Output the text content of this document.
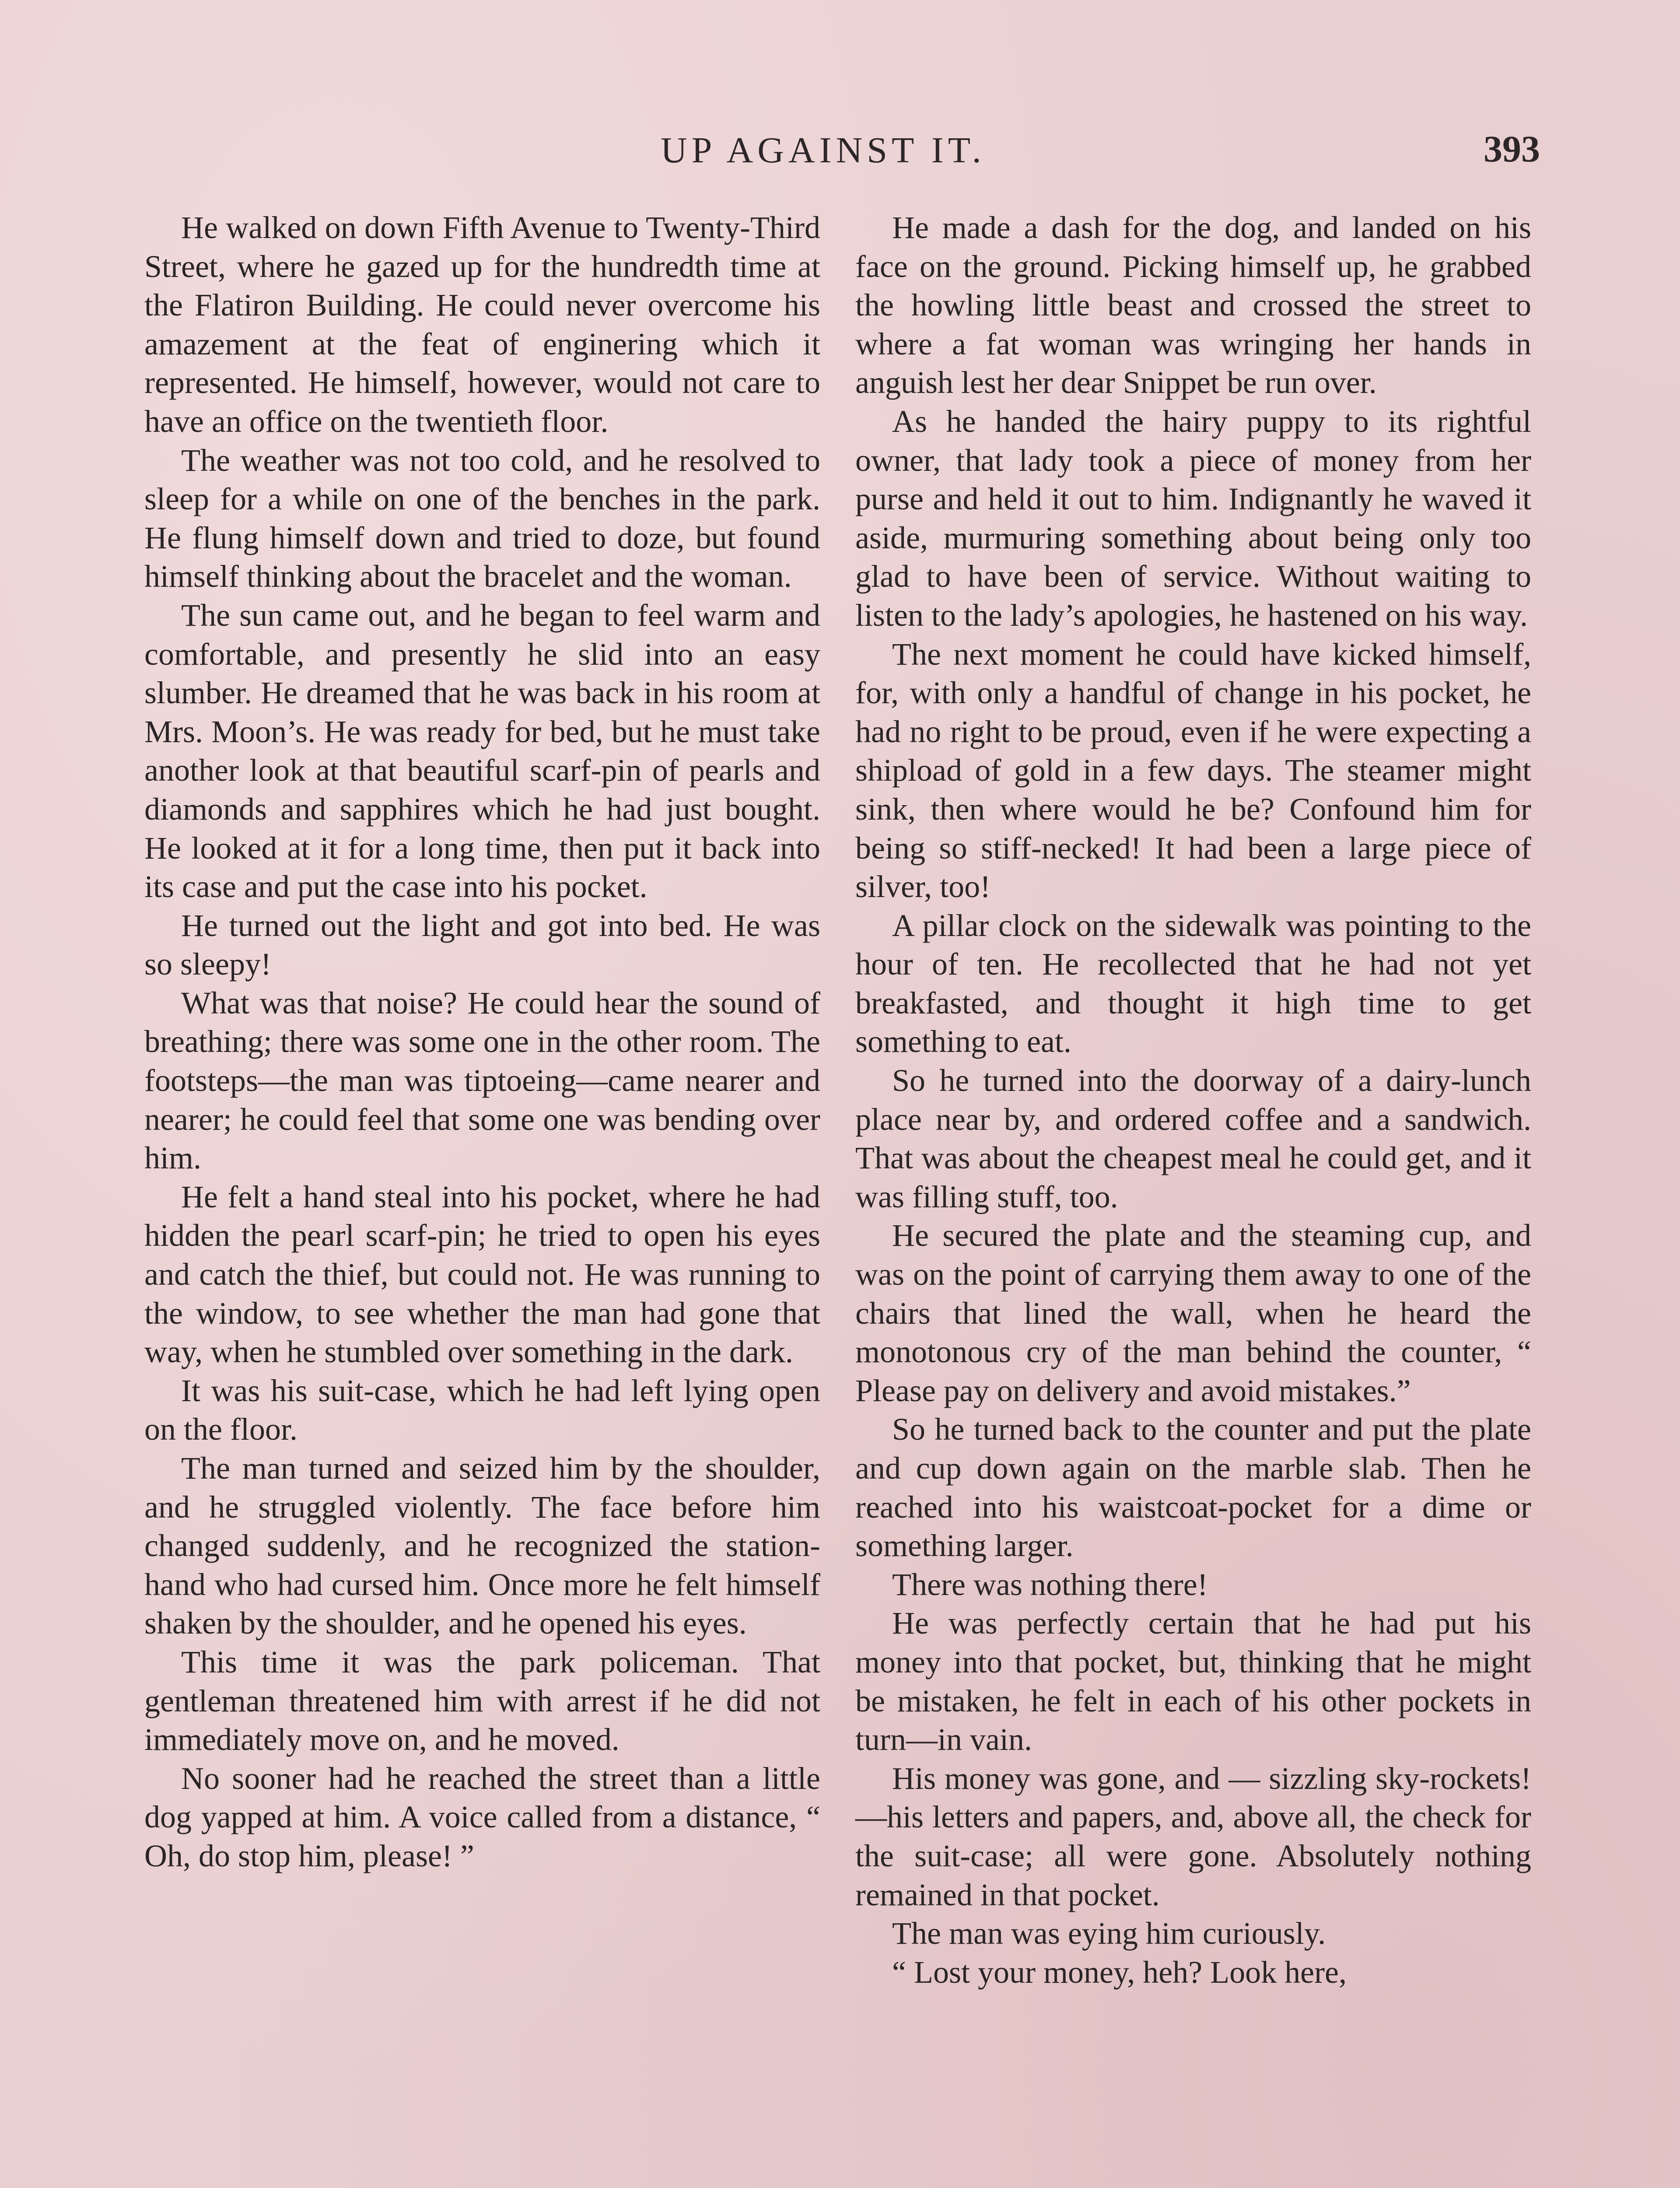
UP AGAINST IT.	393

He walked on down Fifth Avenue to Twenty-Third Street, where he gazed up for the hundredth time at the Flatiron Building. He could never overcome his amazement at the feat of enginering which it represented. He himself, however, would not care to have an office on the twentieth floor.

The weather was not too cold, and he resolved to sleep for a while on one of the benches in the park. He flung himself down and tried to doze, but found himself thinking about the bracelet and the woman.

The sun came out, and he began to feel warm and comfortable, and presently he slid into an easy slumber. He dreamed that he was back in his room at Mrs. Moon’s. He was ready for bed, but he must take another look at that beautiful scarf-pin of pearls and diamonds and sapphires which he had just bought. He looked at it for a long time, then put it back into its case and put the case into his pocket.

He turned out the light and got into bed. He was so sleepy!

What was that noise? He could hear the sound of breathing; there was some one in the other room. The footsteps—the man was tiptoeing—came nearer and nearer; he could feel that some one was bending over him.

He felt a hand steal into his pocket, where he had hidden the pearl scarf-pin; he tried to open his eyes and catch the thief, but could not. He was running to the window, to see whether the man had gone that way, when he stumbled over something in the dark.

It was his suit-case, which he had left lying open on the floor.

The man turned and seized him by the shoulder, and he struggled violently. The face before him changed suddenly, and he recognized the station-hand who had cursed him. Once more he felt himself shaken by the shoulder, and he opened his eyes.

This time it was the park policeman. That gentleman threatened him with arrest if he did not immediately move on, and he moved.

No sooner had he reached the street than a little dog yapped at him. A voice called from a distance, “ Oh, do stop him, please! ”

He made a dash for the dog, and landed on his face on the ground. Picking himself up, he grabbed the howling little beast and crossed the street to where a fat woman was wringing her hands in anguish lest her dear Snippet be run over.

As he handed the hairy puppy to its rightful owner, that lady took a piece of money from her purse and held it out to him. Indignantly he waved it aside, murmuring something about being only too glad to have been of service. Without waiting to listen to the lady’s apologies, he hastened on his way.

The next moment he could have kicked himself, for, with only a handful of change in his pocket, he had no right to be proud, even if he were expecting a shipload of gold in a few days. The steamer might sink, then where would he be? Confound him for being so stiff-necked! It had been a large piece of silver, too!

A pillar clock on the sidewalk was pointing to the hour of ten. He recollected that he had not yet breakfasted, and thought it high time to get something to eat.

So he turned into the doorway of a dairy-lunch place near by, and ordered coffee and a sandwich. That was about the cheapest meal he could get, and it was filling stuff, too.

He secured the plate and the steaming cup, and was on the point of carrying them away to one of the chairs that lined the wall, when he heard the monotonous cry of the man behind the counter, “ Please pay on delivery and avoid mistakes.”

So he turned back to the counter and put the plate and cup down again on the marble slab. Then he reached into his waistcoat-pocket for a dime or something larger.

There was nothing there!

He was perfectly certain that he had put his money into that pocket, but, thinking that he might be mistaken, he felt in each of his other pockets in turn—in vain.

His money was gone, and — sizzling sky-rockets!—his letters and papers, and, above all, the check for the suit-case; all were gone. Absolutely nothing remained in that pocket.

The man was eying him curiously.

“ Lost your money, heh? Look here,
